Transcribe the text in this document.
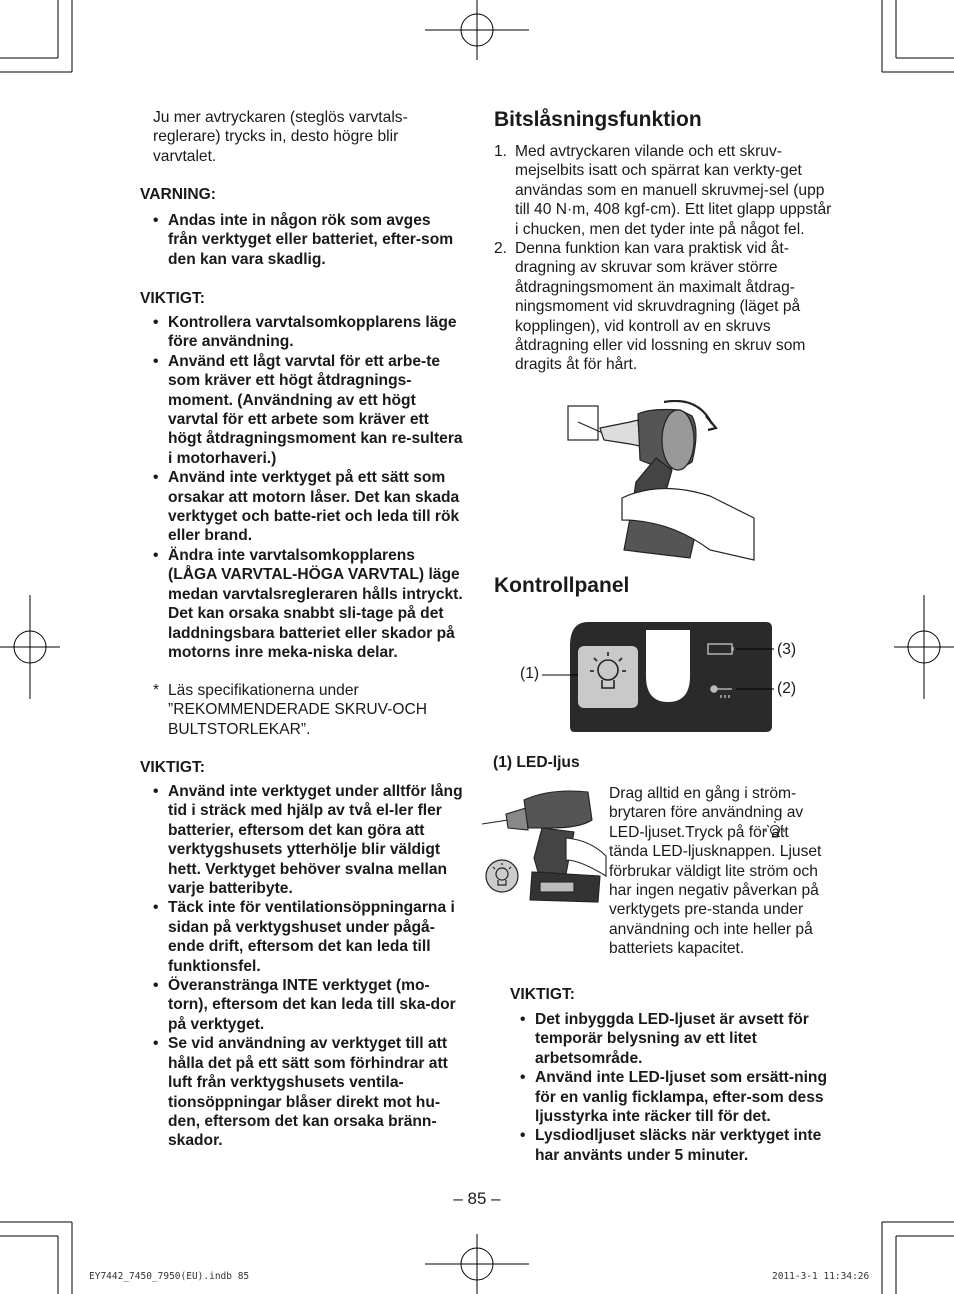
Ju mer avtryckaren (steglös varvtals-reglerare) trycks in, desto högre blir varvtalet.
VARNING:
• Andas inte in någon rök som avges från verktyget eller batteriet, efter-som den kan vara skadlig.
VIKTIGT:
• Kontrollera varvtalsomkopplarens läge före användning.
• Använd ett lågt varvtal för ett arbe-te som kräver ett högt åtdragnings-moment. (Användning av ett högt varvtal för ett arbete som kräver ett högt åtdragningsmoment kan re-sultera i motorhaveri.)
• Använd inte verktyget på ett sätt som orsakar att motorn låser. Det kan skada verktyget och batte-riet och leda till rök eller brand.
• Ändra inte varvtalsomkopplarens (LÅGA VARVTAL-HÖGA VARVTAL) läge medan varvtalsregleraren hålls intryckt. Det kan orsaka snabbt sli-tage på det laddningsbara batteriet eller skador på motorns inre meka-niska delar.
* Läs specifikationerna under ”REKOMMENDERADE SKRUV-OCH BULTSTORLEKAR”.
VIKTIGT:
• Använd inte verktyget under alltför lång tid i sträck med hjälp av två el-ler fler batterier, eftersom det kan göra att verktygshusets ytterhölje blir väldigt hett. Verktyget behöver svalna mellan varje batteribyte.
• Täck inte för ventilationsöppningarna i sidan på verktygshuset under pågå-ende drift, eftersom det kan leda till funktionsfel.
• Överanstränga INTE verktyget (mo-torn), eftersom det kan leda till ska-dor på verktyget.
• Se vid användning av verktyget till att hålla det på ett sätt som förhindrar att luft från verktygshusets ventila-tionsöppningar blåser direkt mot hu-den, eftersom det kan orsaka bränn-skador.
Bitslåsningsfunktion
1. Med avtryckaren vilande och ett skruv-mejselbits isatt och spärrat kan verkty-get användas som en manuell skruvmej-sel (upp till 40 N·m, 408 kgf-cm). Ett litet glapp uppstår i chucken, men det tyder inte på något fel.
2. Denna funktion kan vara praktisk vid åt-dragning av skruvar som kräver större åtdragningsmoment än maximalt åtdrag-ningsmoment vid skruvdragning (läget på kopplingen), vid kontroll av en skruvs åtdragning eller vid lossning en skruv som dragits åt för hårt.
Kontrollpanel
(1)
(2)
(3)
(1) LED-ljus
Drag alltid en gång i ström-brytaren före användning av LED-ljuset.Tryck på för att tända LED-ljusknappen. Ljuset förbrukar väldigt lite ström och har ingen negativ påverkan på verktygets pre-standa under användning och inte heller på batteriets kapacitet.
VIKTIGT:
• Det inbyggda LED-ljuset är avsett för temporär belysning av ett litet arbetsområde.
• Använd inte LED-ljuset som ersätt-ning för en vanlig ficklampa, efter-som dess ljusstyrka inte räcker till för det.
• Lysdiodljuset släcks när verktyget inte har använts under 5 minuter.
– 85 –
EY7442_7450_7950(EU).indb 85	2011-3-1 11:34:26
